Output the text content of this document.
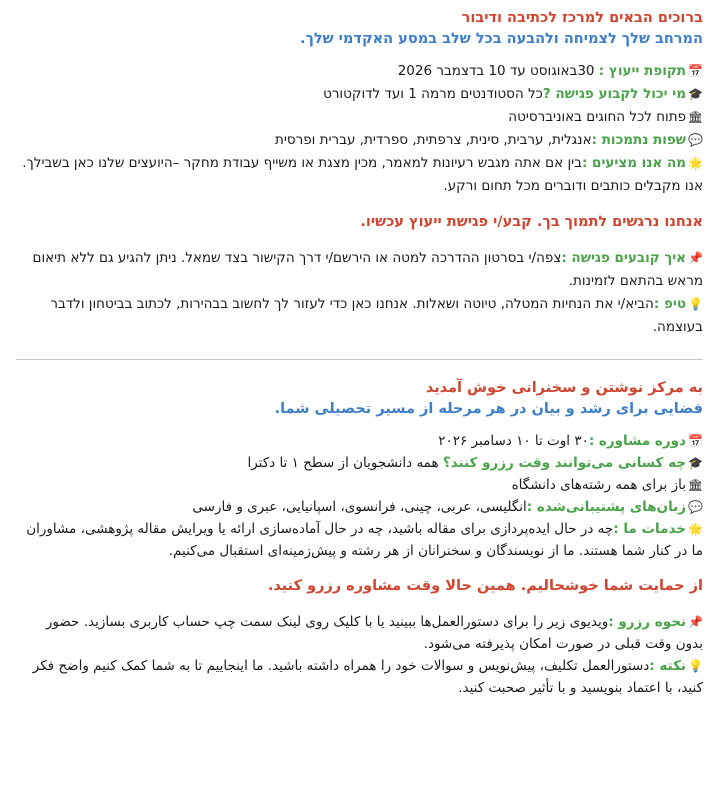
ברוכים הבאים למרכז לכתיבה ודיבור

המרחב שלך לצמיחה ולהבעה בכל שלב במסע האקדמי שלך.

📅תקופת ייעוץ : 30באוגוסט עד 10 בדצמבר 2026

🎓מי יכול לקבוע פגישה ?כל הסטודנטים מרמה 1 ועד לדוקטורט

🏛פתוח לכל החוגים באוניברסיטה

💬שפות נתמכות :אנגלית, ערבית, סינית, צרפתית, ספרדית, עברית ופרסית

🌟מה אנו מציעים :בין אם אתה מגבש רעיונות למאמר, מכין מצגת או משייף עבודת מחקר –היועצים שלנו כאן בשבילך. אנו מקבלים כותבים ודוברים מכל תחום ורקע.

אנחנו נרגשים לתמוך בך. קבע/י פגישת ייעוץ עכשיו.

📌איך קובעים פגישה :צפה/י בסרטון ההדרכה למטה או הירשם/י דרך הקישור בצד שמאל. ניתן להגיע גם ללא תיאום מראש בהתאם לזמינות.

💡טיפ :הביא/י את הנחיות המטלה, טיוטה ושאלות. אנחנו כאן כדי לעזור לך לחשוב בבהירות, לכתוב בביטחון ולדבר בעוצמה.

به مرکز نوشتن و سخنرانی خوش آمدید

فضایی برای رشد و بیان در هر مرحله از مسیر تحصیلی شما.

📅دوره مشاوره :۳۰ اوت تا ۱۰ دسامبر ۲۰۲۶

🎓چه کسانی می‌توانند وقت رزرو کنند؟ همه دانشجویان از سطح ۱ تا دکترا

🏛باز برای همه رشته‌های دانشگاه

💬زبان‌های پشتیبانی‌شده :انگلیسی، عربی، چینی، فرانسوی، اسپانیایی، عبری و فارسی

🌟خدمات ما :چه در حال ایده‌پردازی برای مقاله باشید، چه در حال آماده‌سازی ارائه یا ویرایش مقاله پژوهشی، مشاوران ما در کنار شما هستند. ما از نویسندگان و سخنرانان از هر رشته و پیش‌زمینه‌ای استقبال می‌کنیم.

از حمایت شما خوشحالیم. همین حالا وقت مشاوره رزرو کنید.

📌نحوه رزرو :ویدیوی زیر را برای دستورالعمل‌ها ببینید یا با کلیک روی لینک سمت چپ حساب کاربری بسازید. حضور بدون وقت قبلی در صورت امکان پذیرفته می‌شود.

💡نکته :دستورالعمل تکلیف، پیش‌نویس و سوالات خود را همراه داشته باشید. ما اینجاییم تا به شما کمک کنیم واضح فکر کنید، با اعتماد بنویسید و با تأثیر صحبت کنید.
